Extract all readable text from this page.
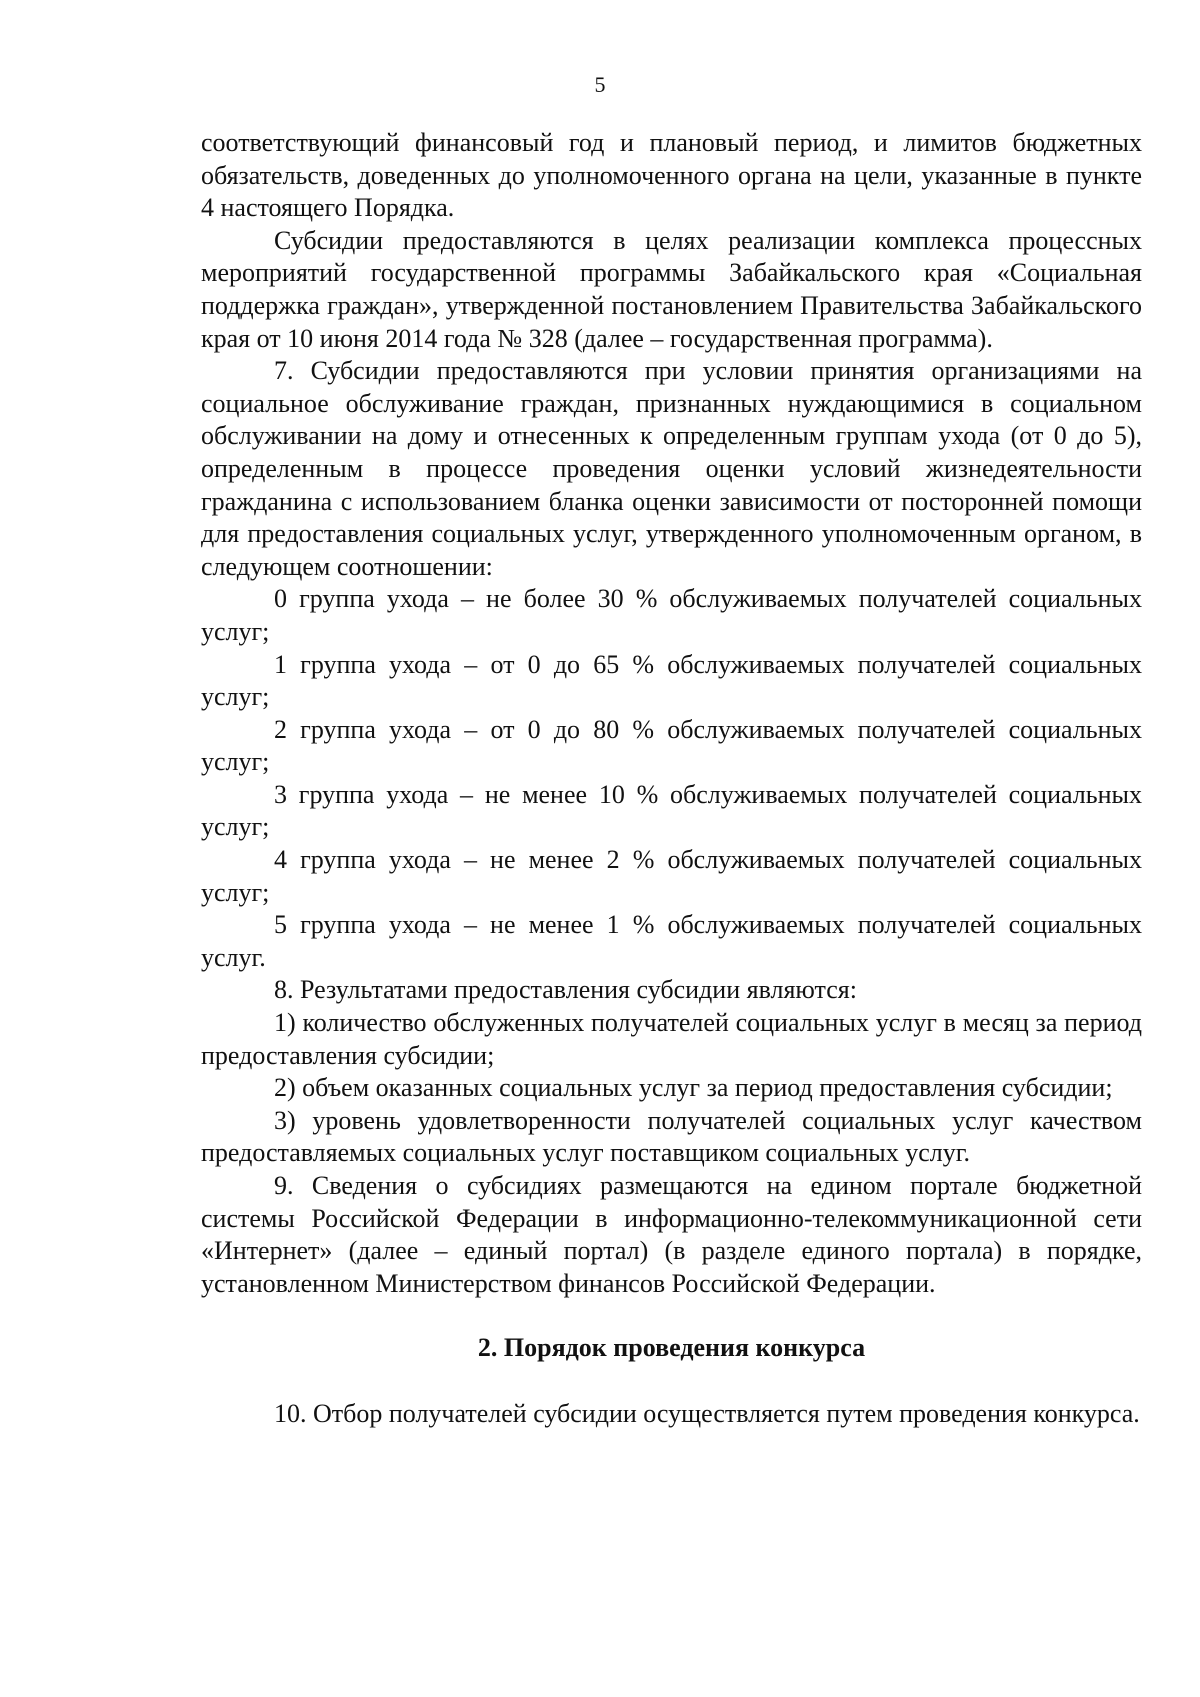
5

соответствующий финансовый год и плановый период, и лимитов бюджетных обязательств, доведенных до уполномоченного органа на цели, указанные в пункте 4 настоящего Порядка.

Субсидии предоставляются в целях реализации комплекса процессных мероприятий государственной программы Забайкальского края «Социальная поддержка граждан», утвержденной постановлением Правительства Забайкальского края от 10 июня 2014 года № 328 (далее – государственная программа).

7. Субсидии предоставляются при условии принятия организациями на социальное обслуживание граждан, признанных нуждающимися в социальном обслуживании на дому и отнесенных к определенным группам ухода (от 0 до 5), определенным в процессе проведения оценки условий жизнедеятельности гражданина с использованием бланка оценки зависимости от посторонней помощи для предоставления социальных услуг, утвержденного уполномоченным органом, в следующем соотношении:

0 группа ухода – не более 30 % обслуживаемых получателей социальных услуг;

1 группа ухода – от 0 до 65 % обслуживаемых получателей социальных услуг;

2 группа ухода – от 0 до 80 % обслуживаемых получателей социальных услуг;

3 группа ухода – не менее 10 % обслуживаемых получателей социальных услуг;

4 группа ухода – не менее 2 % обслуживаемых получателей социальных услуг;

5 группа ухода – не менее 1 % обслуживаемых получателей социальных услуг.

8. Результатами предоставления субсидии являются:

1) количество обслуженных получателей социальных услуг в месяц за период предоставления субсидии;

2) объем оказанных социальных услуг за период предоставления субсидии;

3) уровень удовлетворенности получателей социальных услуг качеством предоставляемых социальных услуг поставщиком социальных услуг.

9. Сведения о субсидиях размещаются на едином портале бюджетной системы Российской Федерации в информационно-телекоммуникационной сети «Интернет» (далее – единый портал) (в разделе единого портала) в порядке, установленном Министерством финансов Российской Федерации.

2. Порядок проведения конкурса

10. Отбор получателей субсидии осуществляется путем проведения конкурса.
